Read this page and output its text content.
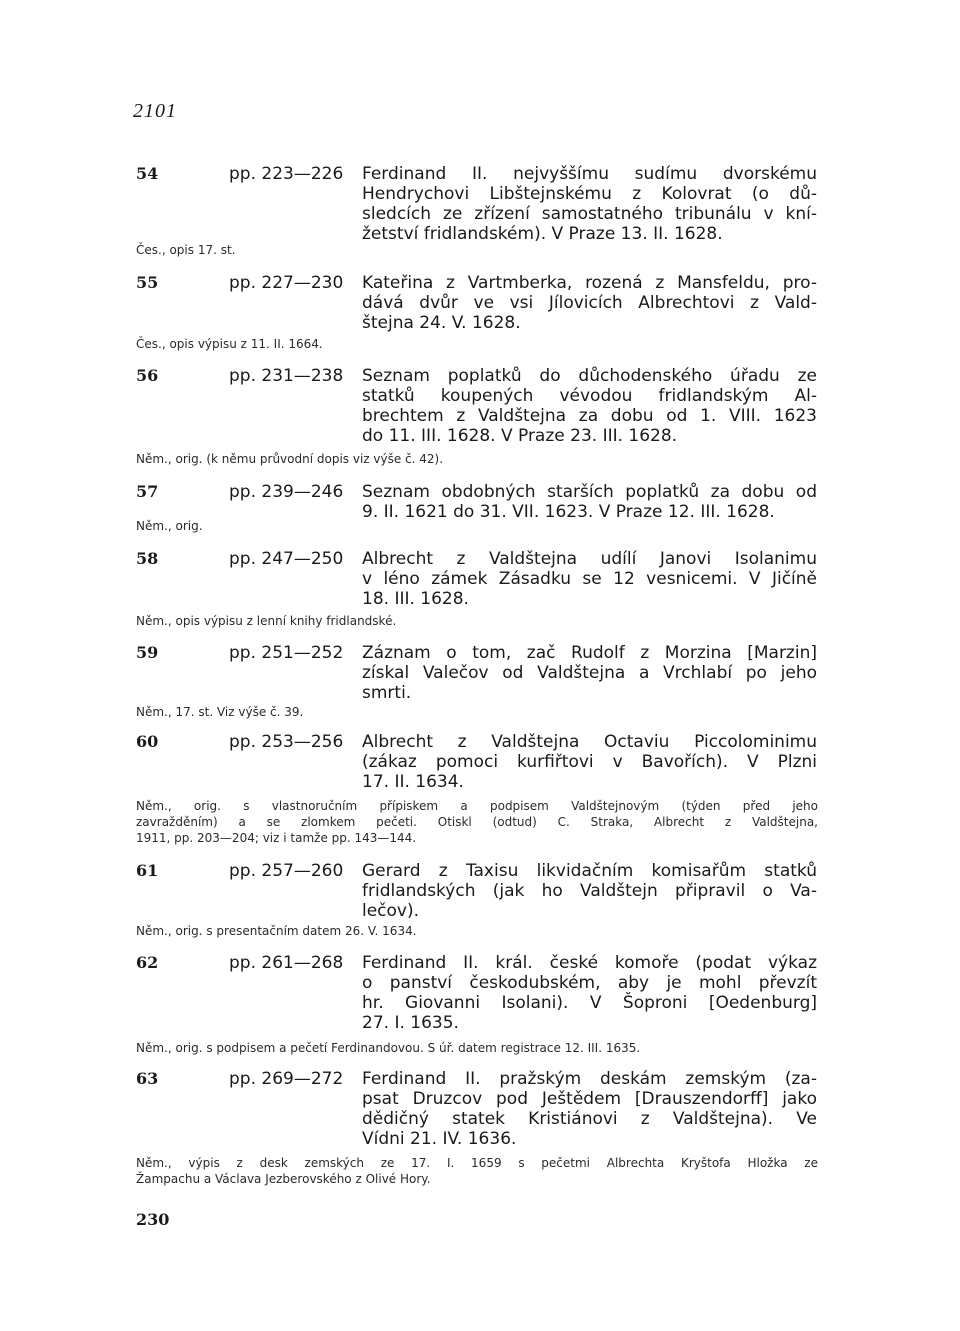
2101
54	pp. 223—226 Ferdinand II. nejvyššímu sudímu dvorskému
Hendrychovi Libštejnskému z Kolovrat (o dů-
sledcích ze zřízení samostatného tribunálu v kní-
žetství fridlandském). V Praze 13. II. 1628.
Čes., opis 17. st.
55	pp. 227—230 Kateřina z Vartmberka, rozená z Mansfeldu, pro-
dává dvůr ve vsi Jílovicích Albrechtovi z Vald-
štejna 24. V. 1628.
Čes., opis výpisu z 11. II. 1664.
56	pp. 231—238 Seznam poplatků do důchodenského úřadu ze
statků koupených vévodou fridlandským Al-
brechtem z Valdštejna za dobu od 1. VIII. 1623
do 11. III. 1628. V Praze 23. III. 1628.
Něm., orig. (k němu průvodní dopis viz výše č. 42).
57	pp. 239—246 Seznam obdobných starších poplatků za dobu od
9. II. 1621 do 31. VII. 1623. V Praze 12. III. 1628.
Něm., orig.
58	pp. 247—250 Albrecht z Valdštejna udílí Janovi Isolanimu
v léno zámek Zásadku se 12 vesnicemi. V Jičíně
18. III. 1628.
Něm., opis výpisu z lenní knihy fridlandské.
59	pp. 251—252 Záznam o tom, zač Rudolf z Morzina [Marzin]
získal Valečov od Valdštejna a Vrchlabí po jeho
smrti.
Něm., 17. st. Viz výše č. 39.
60	pp. 253—256 Albrecht z Valdštejna Octaviu Piccolominimu
(zákaz pomoci kurfiřtovi v Bavořích). V Plzni
17. II. 1634.
Něm., orig. s vlastnoručním přípiskem a podpisem Valdštejnovým (týden před jeho
zavražděním) a se zlomkem pečeti. Otiskl (odtud) C. Straka, Albrecht z Valdštejna,
1911, pp. 203—204; viz i tamže pp. 143—144.
61	pp. 257—260 Gerard z Taxisu likvidačním komisařům statků
fridlandských (jak ho Valdštejn připravil o Va-
lečov).
Něm., orig. s presentačním datem 26. V. 1634.
62	pp. 261—268 Ferdinand II. král. české komoře (podat výkaz
o panství českodubském, aby je mohl převzít
hr. Giovanni Isolani). V Šoproni [Oedenburg]
27. I. 1635.
Něm., orig. s podpisem a pečetí Ferdinandovou. S úř. datem registrace 12. III. 1635.
63	pp. 269—272 Ferdinand II. pražským deskám zemským (za-
psat Druzcov pod Ještědem [Drauszendorff] jako
dědičný statek Kristiánovi z Valdštejna). Ve
Vídni 21. IV. 1636.
Něm., výpis z desk zemských ze 17. I. 1659 s pečetmi Albrechta Kryštofa Hložka ze
Žampachu a Václava Jezberovského z Olivé Hory.
230
